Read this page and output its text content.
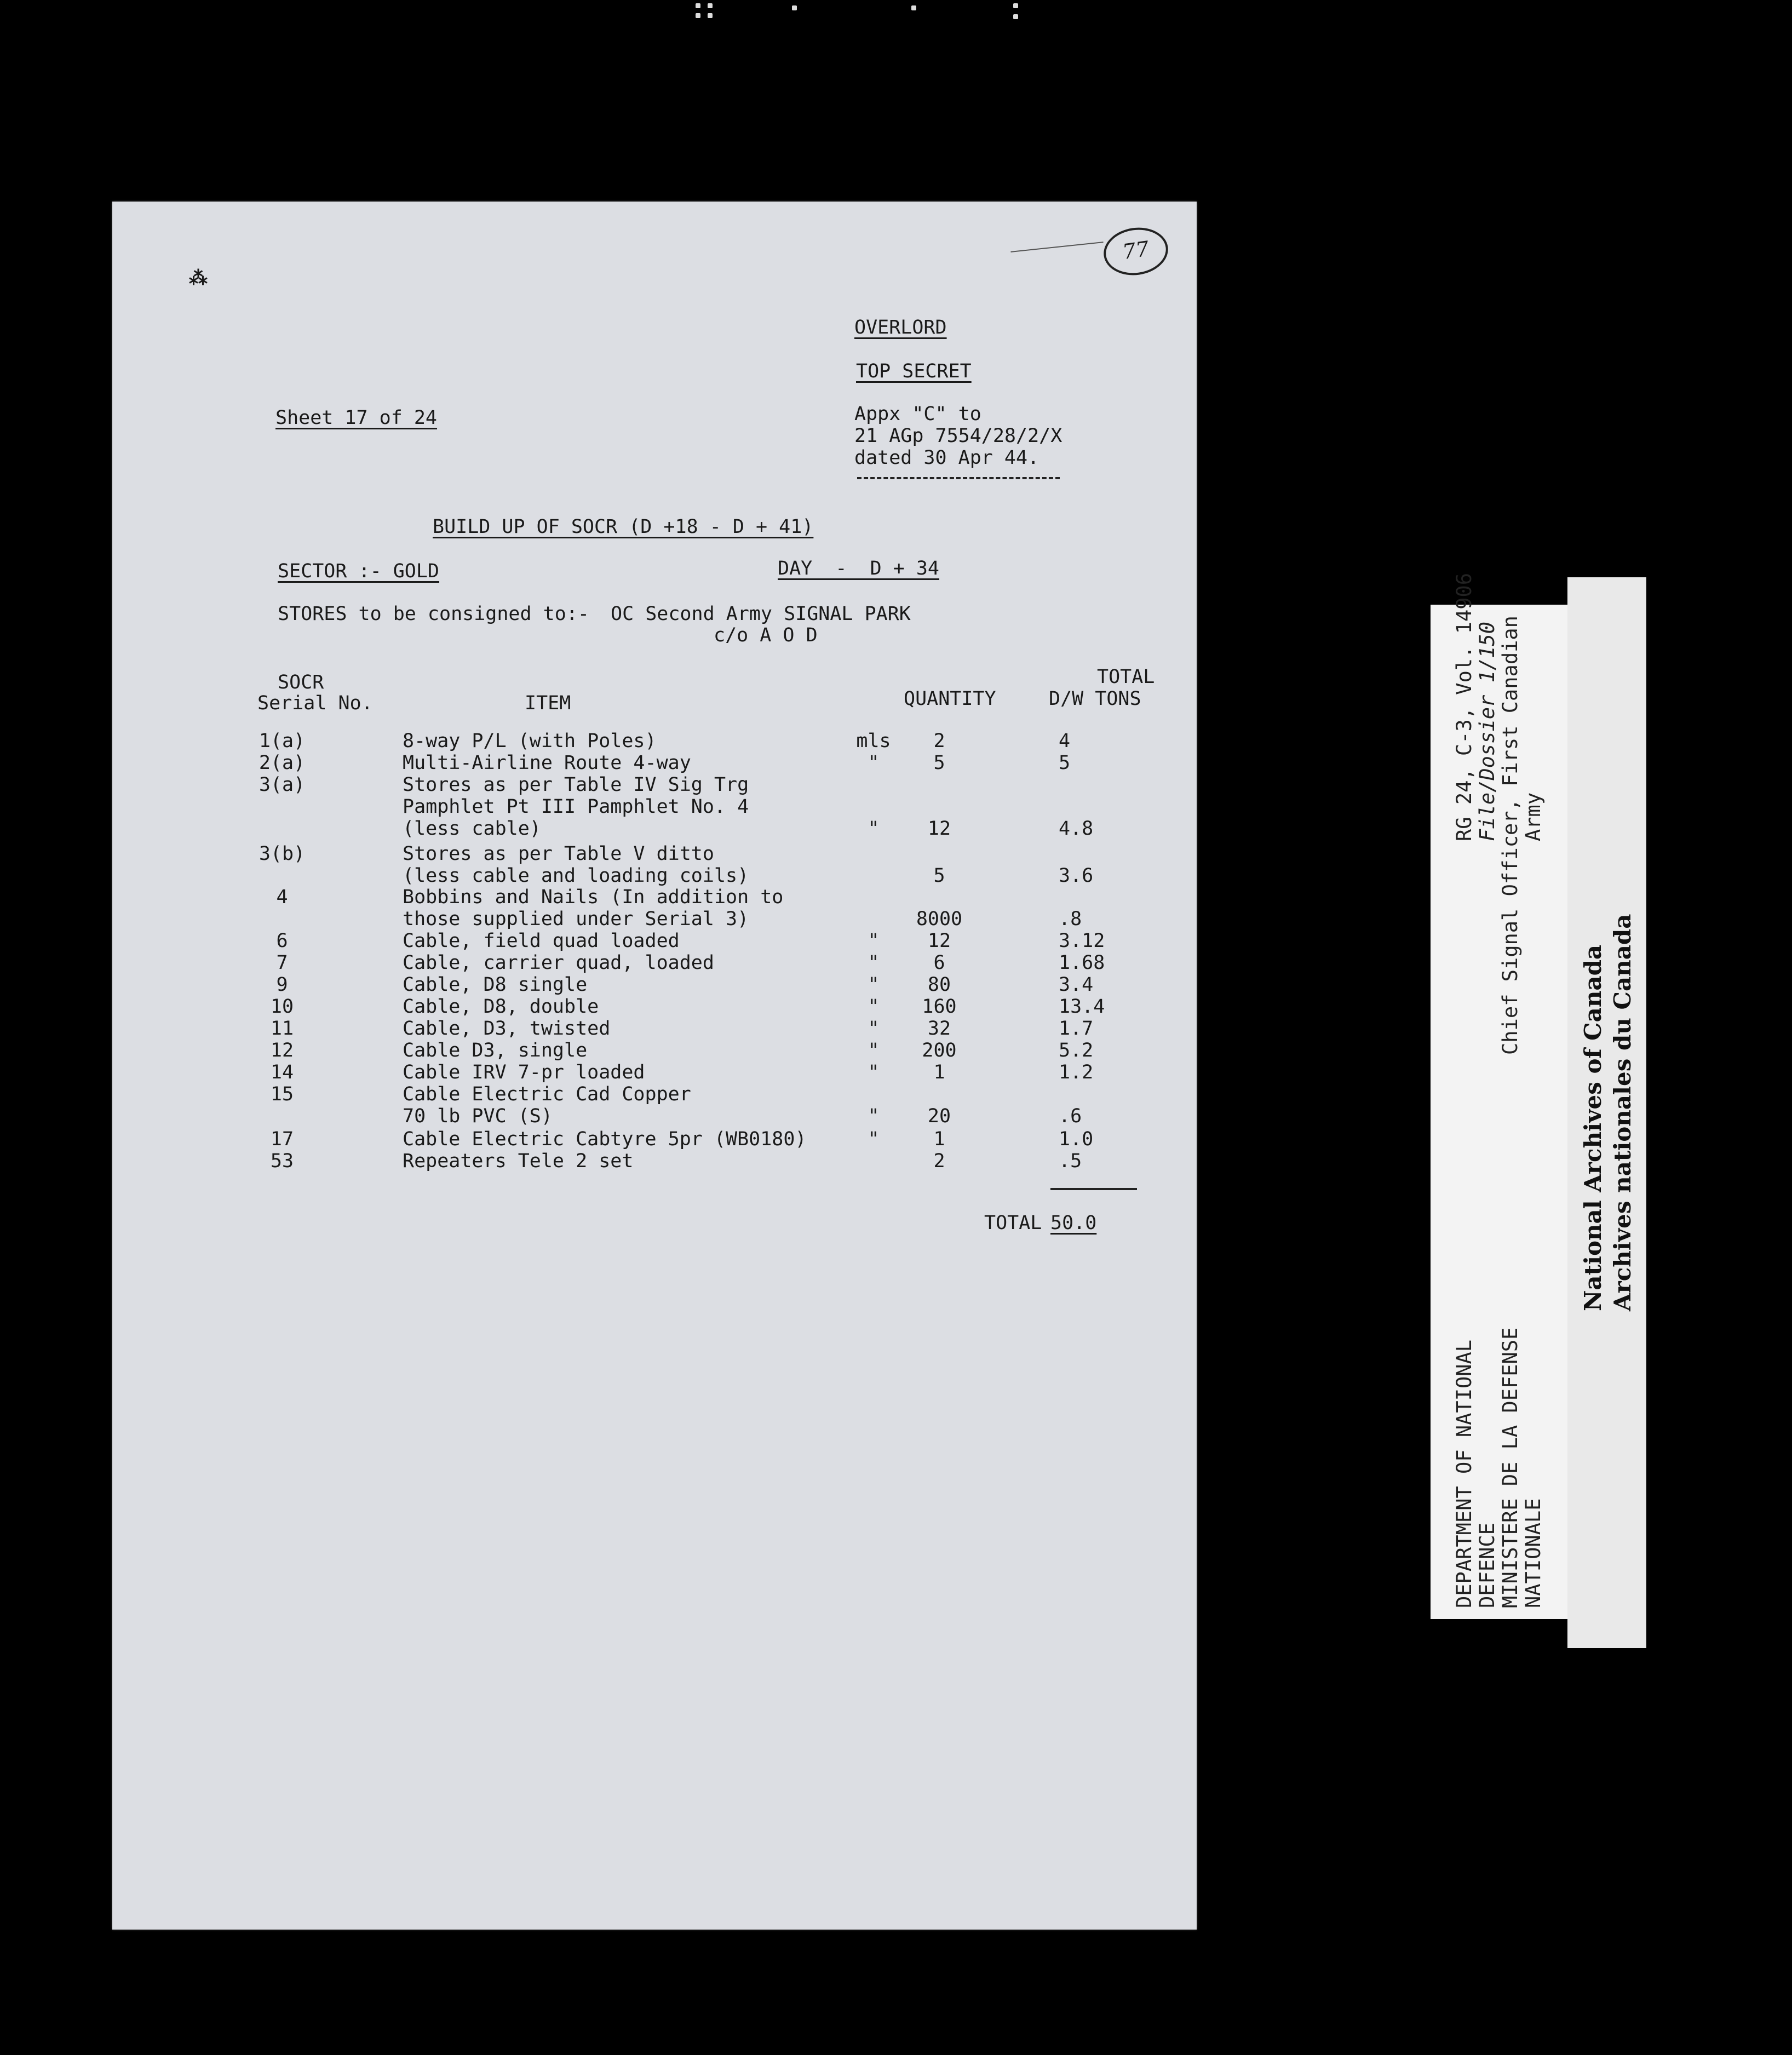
⁂
77
OVERLORD
TOP SECRET
Appx "C" to
21 AGp 7554/28/2/X
dated 30 Apr 44.
Sheet 17 of 24
BUILD UP OF SOCR (D +18 - D + 41)
SECTOR :- GOLD	DAY  -  D + 34
STORES to be consigned to:- OC Second Army SIGNAL PARK
c/o A O D
SOCR
Serial No.	ITEM	QUANTITY
TOTAL
D/W TONS
1(a)	8-way P/L (with Poles)	mls	2	4
2(a)	Multi-Airline Route 4-way	"	5	5
3(a)	Stores as per Table IV Sig Trg
Pamphlet Pt III Pamphlet No. 4
(less cable)	"	12	4.8
3(b)	Stores as per Table V ditto
(less cable and loading coils)	5	3.6
4	Bobbins and Nails (In addition to
those supplied under Serial 3)	8000	.8
6	Cable, field quad loaded	"	12	3.12
7	Cable, carrier quad, loaded	"	6	1.68
9	Cable, D8 single	"	80	3.4
10	Cable, D8, double	"	160	13.4
11	Cable, D3, twisted	"	32	1.7
12	Cable D3, single	"	200	5.2
14	Cable IRV 7-pr loaded	"	1	1.2
15	Cable Electric Cad Copper
70 lb PVC (S)	"	20	.6
17	Cable Electric Cabtyre 5pr (WB0180)	"	1	1.0
53	Repeaters Tele 2 set	2	.5
TOTAL 50.0
RG 24, C-3, Vol. 14906 File/Dossier 1/150 Chief Signal Officer, First Canadian Army
DEPARTMENT OF NATIONAL DEFENCE MINISTERE DE LA DEFENSE NATIONALE
National Archives of Canada Archives nationales du Canada
